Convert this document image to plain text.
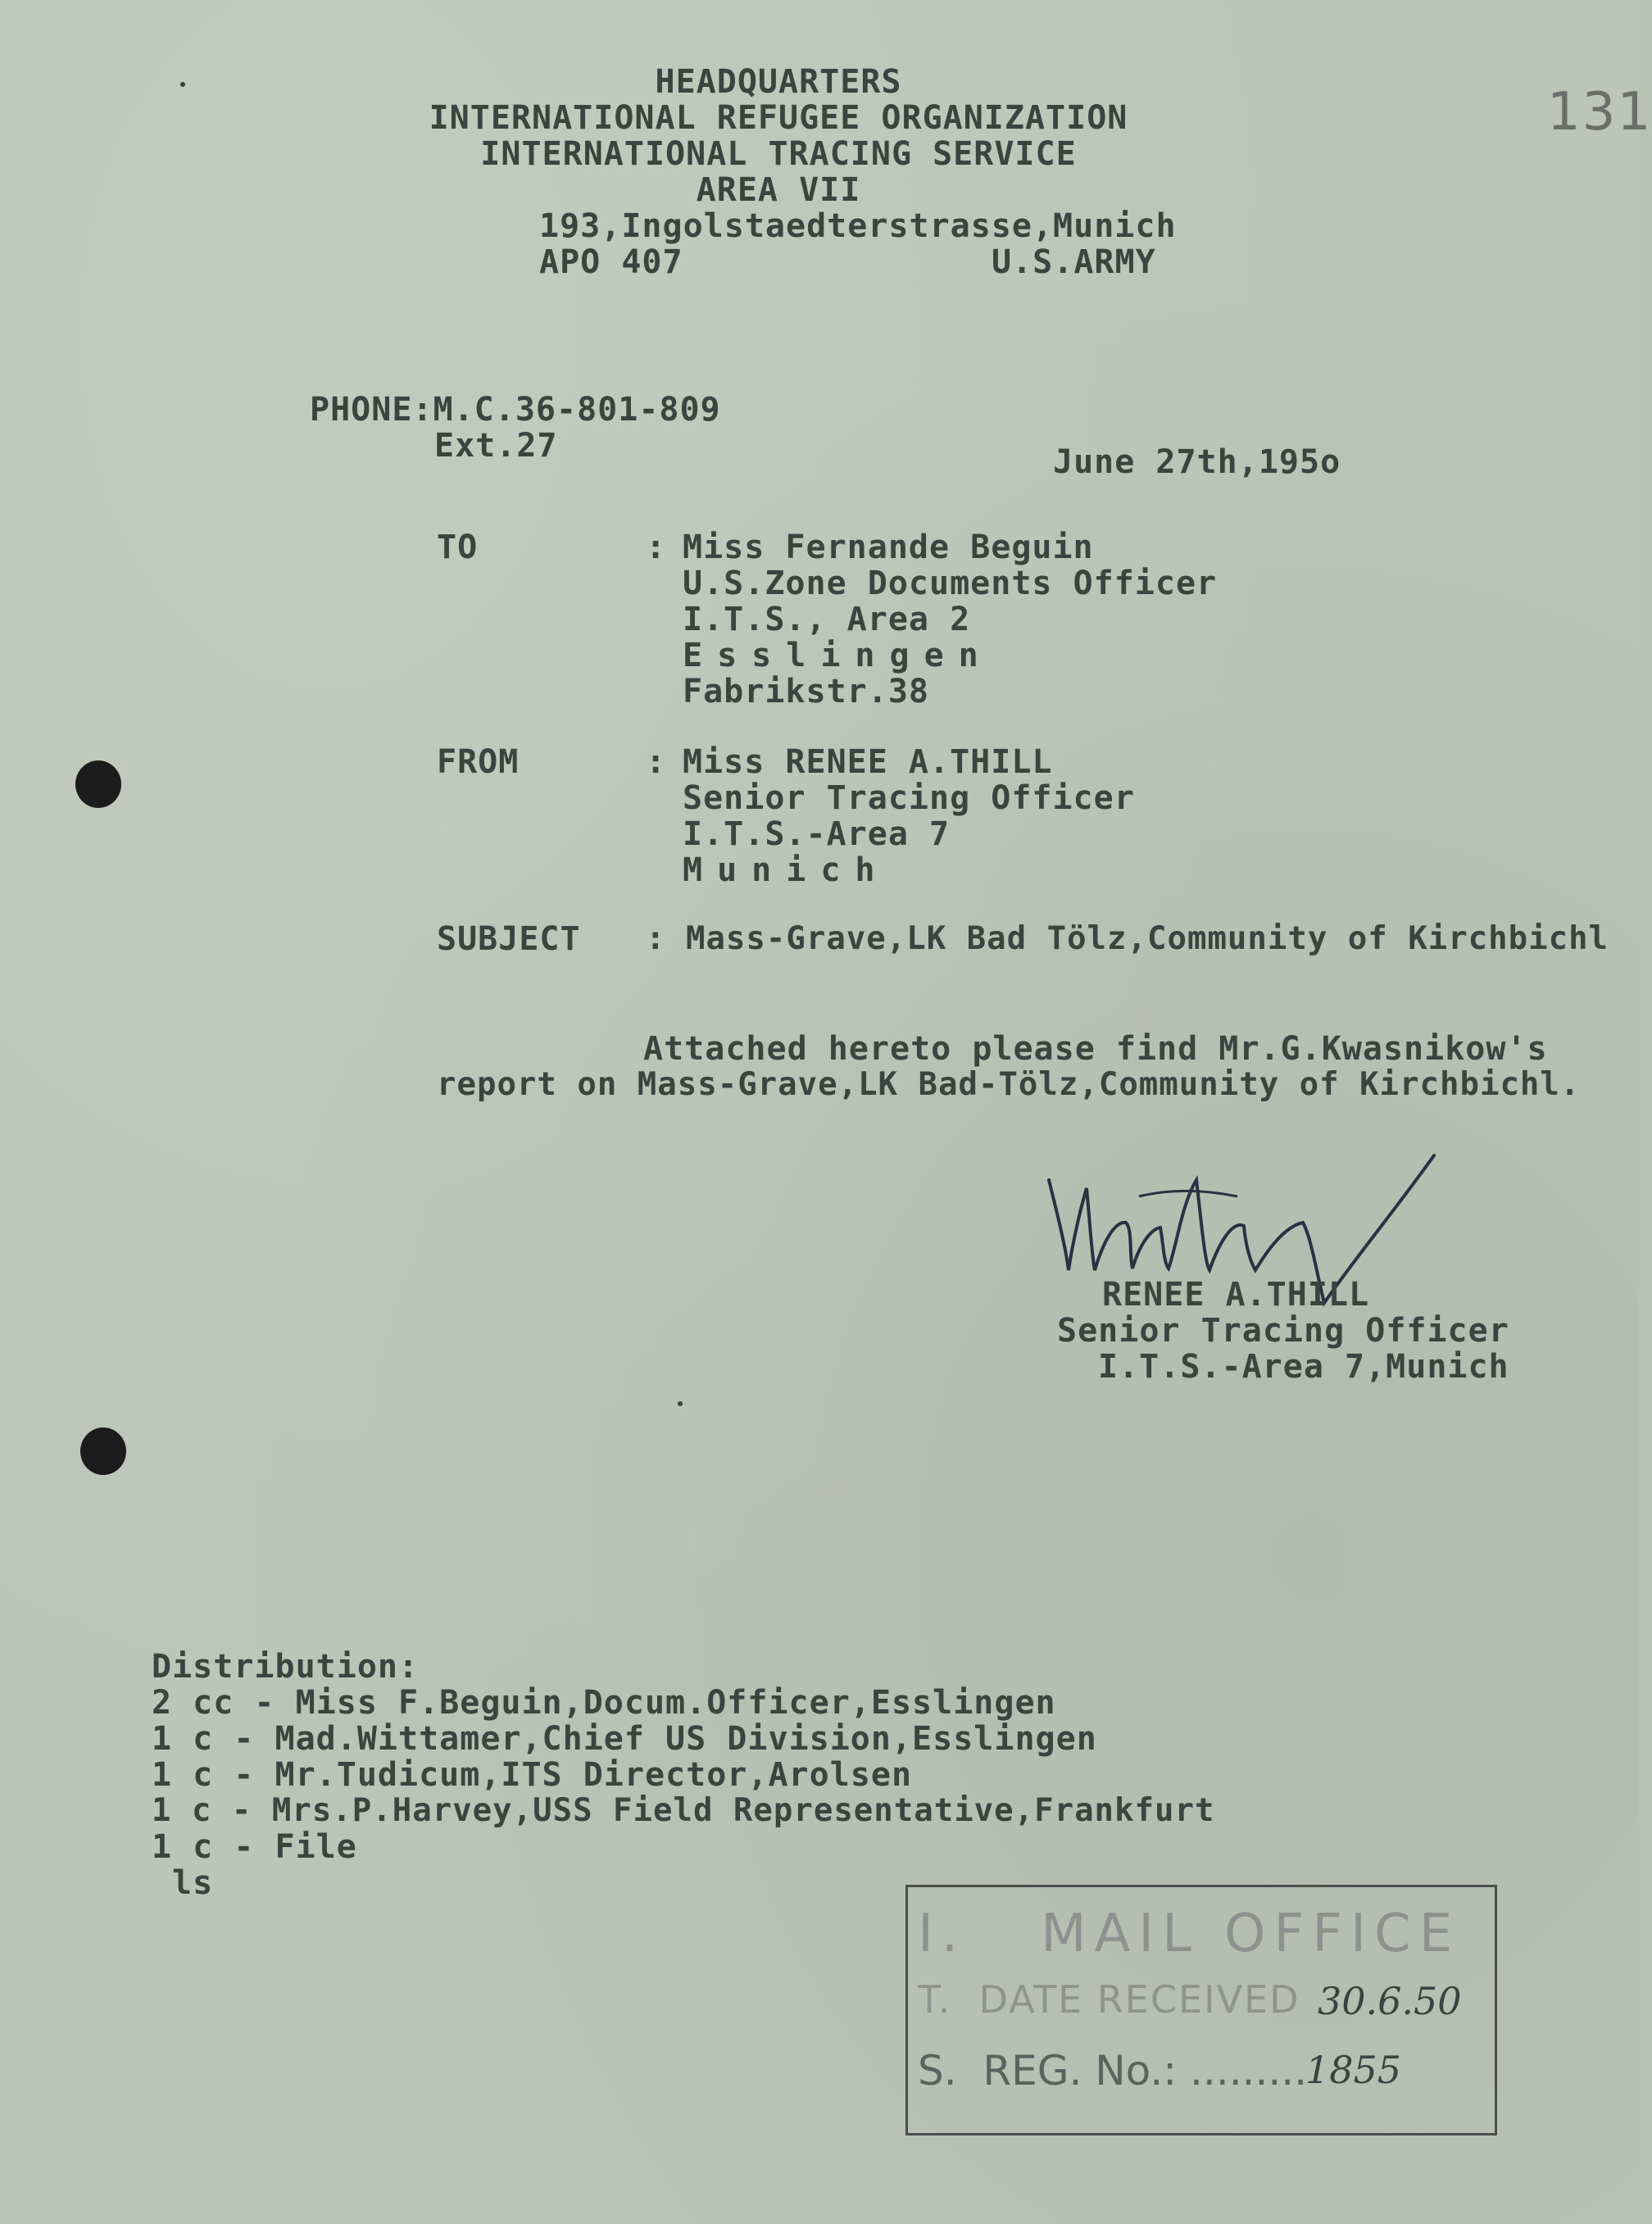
131
HEADQUARTERS
INTERNATIONAL REFUGEE ORGANIZATION
INTERNATIONAL TRACING SERVICE
AREA VII
193,Ingolstaedterstrasse,Munich
APO 407	U.S.ARMY
PHONE:M.C.36-801-809
Ext.27	June 27th,195o
TO	: Miss Fernande Beguin
U.S.Zone Documents Officer
I.T.S., Area 2
Esslingen
Fabrikstr.38
FROM	: Miss RENEE A.THILL
Senior Tracing Officer
I.T.S.-Area 7
Munich
SUBJECT : Mass-Grave,LK Bad Tölz,Community of Kirchbichl
Attached hereto please find Mr.G.Kwasnikow's
report on Mass-Grave,LK Bad-Tölz,Community of Kirchbichl.
RENEE A.THILL
Senior Tracing Officer
I.T.S.-Area 7,Munich
Distribution:
2 cc - Miss F.Beguin,Docum.Officer,Esslingen
1 c - Mad.Wittamer,Chief US Division,Esslingen
1 c - Mr.Tudicum,ITS Director,Arolsen
1 c - Mrs.P.Harvey,USS Field Representative,Frankfurt
1 c - File
ls
I.   MAIL OFFICE
T.  DATE RECEIVED
S.  REG. No.: .........
30.6.50
1855
